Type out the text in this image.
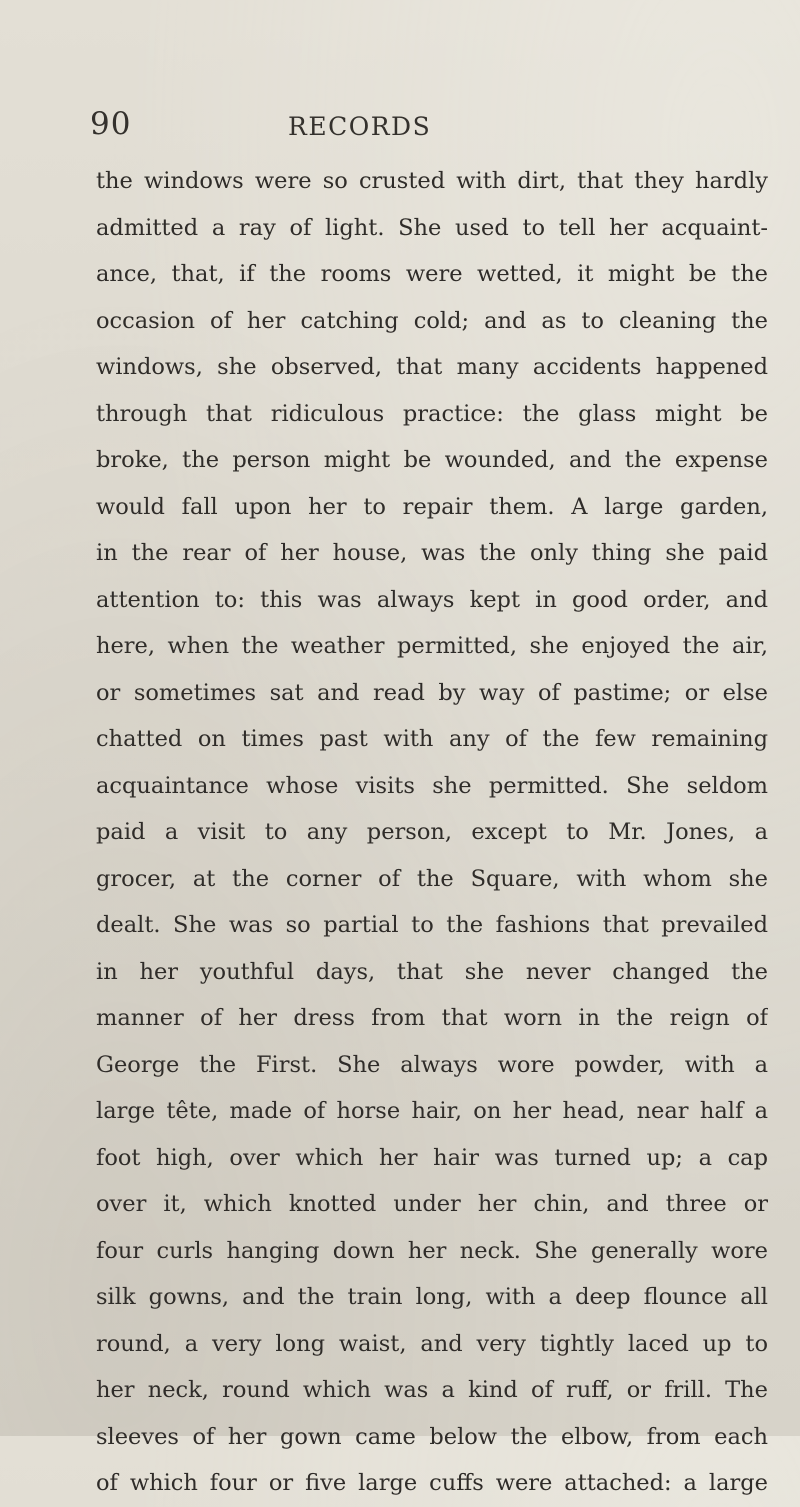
90	RECORDS
the windows were so crusted with dirt, that they hardly
admitted a ray of light. She used to tell her acquaint-
ance, that, if the rooms were wetted, it might be the
occasion of her catching cold; and as to cleaning the
windows, she observed, that many accidents happened
through that ridiculous practice: the glass might be
broke, the person might be wounded, and the expense
would fall upon her to repair them. A large garden,
in the rear of her house, was the only thing she paid
attention to: this was always kept in good order, and
here, when the weather permitted, she enjoyed the air,
or sometimes sat and read by way of pastime; or else
chatted on times past with any of the few remaining
acquaintance whose visits she permitted. She seldom
paid a visit to any person, except to Mr. Jones, a
grocer, at the corner of the Square, with whom she
dealt. She was so partial to the fashions that prevailed
in her youthful days, that she never changed the
manner of her dress from that worn in the reign of
George the First. She always wore powder, with a
large tête, made of horse hair, on her head, near half a
foot high, over which her hair was turned up; a cap
over it, which knotted under her chin, and three or
four curls hanging down her neck. She generally wore
silk gowns, and the train long, with a deep flounce all
round, a very long waist, and very tightly laced up to
her neck, round which was a kind of ruff, or frill. The
sleeves of her gown came below the elbow, from each
of which four or five large cuffs were attached: a large
